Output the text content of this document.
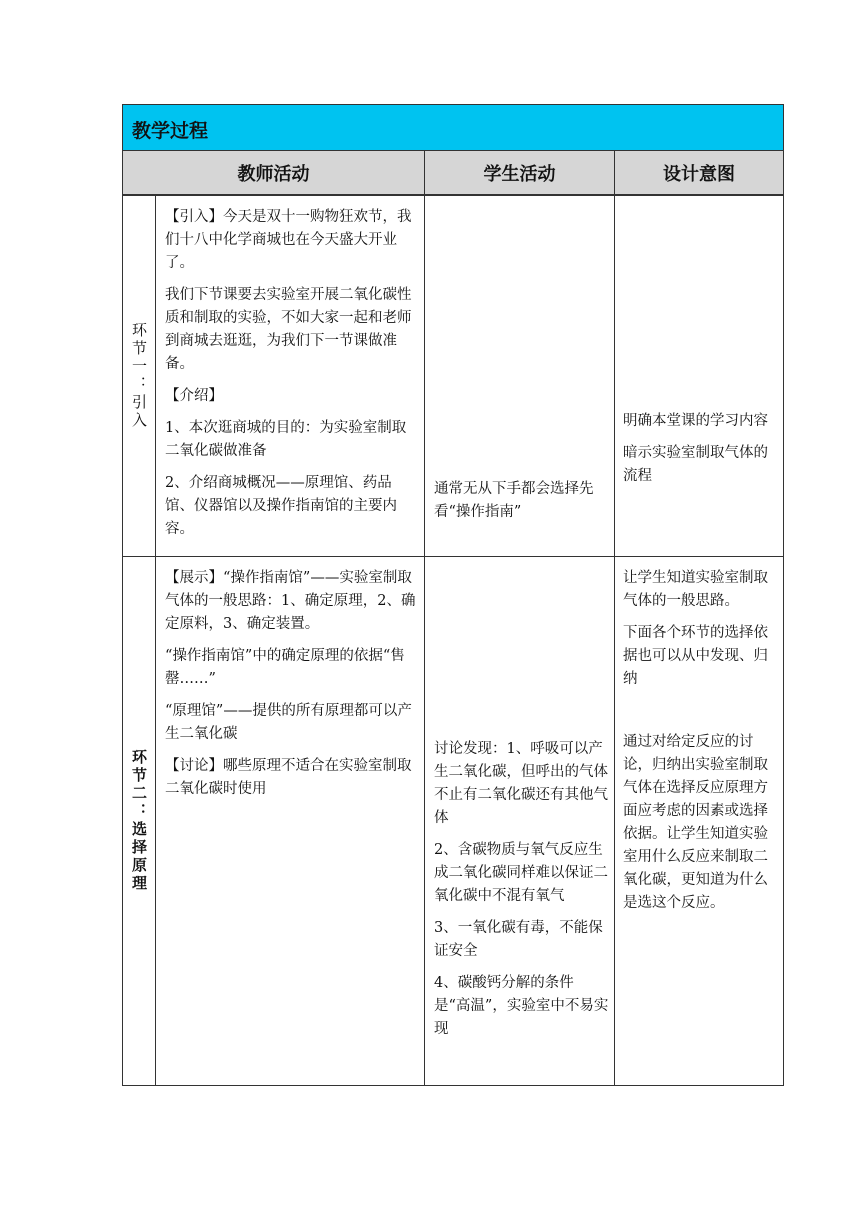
教学过程
教师活动	学生活动	设计意图
环节一：引入

【引入】今天是双十一购物狂欢节，我们十八中化学商城也在今天盛大开业了。

我们下节课要去实验室开展二氧化碳性质和制取的实验，不如大家一起和老师到商城去逛逛，为我们下一节课做准备。

【介绍】

1、本次逛商城的目的：为实验室制取二氧化碳做准备

2、介绍商城概况——原理馆、药品馆、仪器馆以及操作指南馆的主要内容。

通常无从下手都会选择先看“操作指南”

明确本堂课的学习内容

暗示实验室制取气体的流程

环节二：选择原理

【展示】“操作指南馆”——实验室制取气体的一般思路：1、确定原理，2、确定原料，3、确定装置。

“操作指南馆”中的确定原理的依据“售罄……”

“原理馆”——提供的所有原理都可以产生二氧化碳

【讨论】哪些原理不适合在实验室制取二氧化碳时使用

讨论发现：1、呼吸可以产生二氧化碳，但呼出的气体不止有二氧化碳还有其他气体

2、含碳物质与氧气反应生成二氧化碳同样难以保证二氧化碳中不混有氧气

3、一氧化碳有毒，不能保证安全

4、碳酸钙分解的条件是“高温”，实验室中不易实现

让学生知道实验室制取气体的一般思路。

下面各个环节的选择依据也可以从中发现、归纳

通过对给定反应的讨论，归纳出实验室制取气体在选择反应原理方面应考虑的因素或选择依据。让学生知道实验室用什么反应来制取二氧化碳，更知道为什么是选这个反应。
